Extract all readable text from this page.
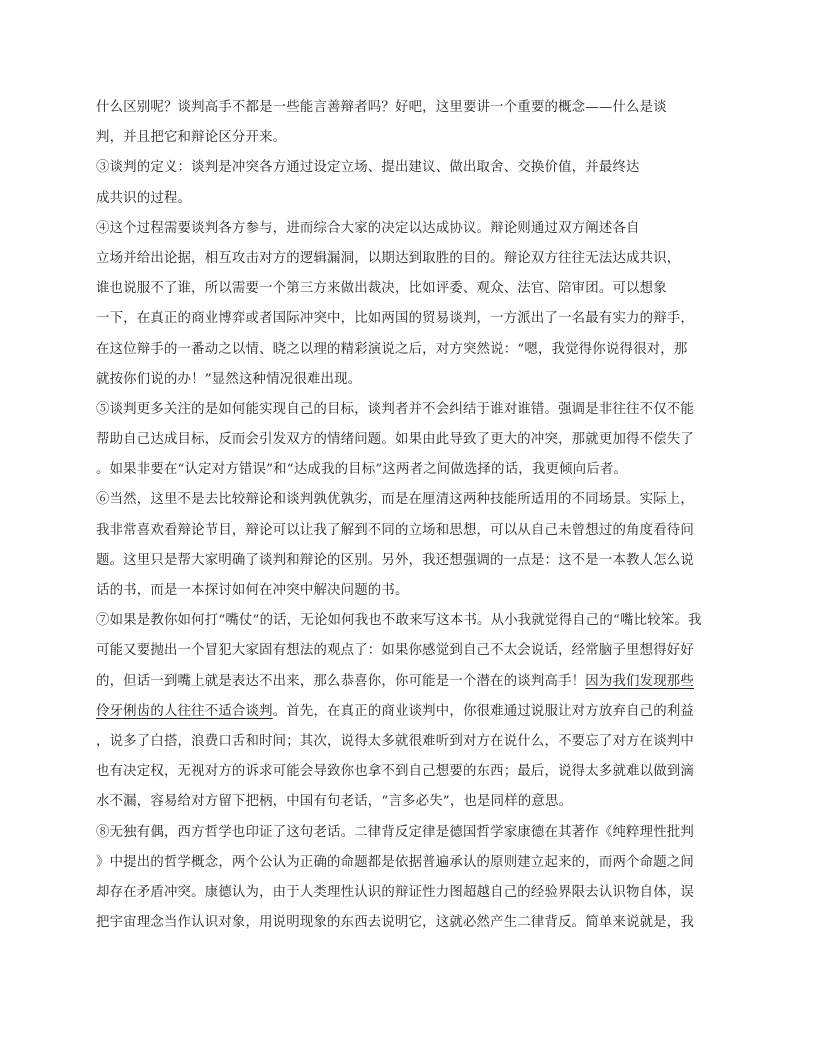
什么区别呢？谈判高手不都是一些能言善辩者吗？好吧，这里要讲一个重要的概念——什么是谈
判，并且把它和辩论区分开来。
③谈判的定义：谈判是冲突各方通过设定立场、提出建议、做出取舍、交换价值，并最终达
成共识的过程。
④这个过程需要谈判各方参与，进而综合大家的决定以达成协议。辩论则通过双方阐述各自
立场并给出论据，相互攻击对方的逻辑漏洞，以期达到取胜的目的。辩论双方往往无法达成共识，
谁也说服不了谁，所以需要一个第三方来做出裁决，比如评委、观众、法官、陪审团。可以想象
一下，在真正的商业博弈或者国际冲突中，比如两国的贸易谈判，一方派出了一名最有实力的辩手，
在这位辩手的一番动之以情、晓之以理的精彩演说之后，对方突然说：“嗯，我觉得你说得很对，那
就按你们说的办！”显然这种情况很难出现。
⑤谈判更多关注的是如何能实现自己的目标，谈判者并不会纠结于谁对谁错。强调是非往往不仅不能
帮助自己达成目标，反而会引发双方的情绪问题。如果由此导致了更大的冲突，那就更加得不偿失了
。如果非要在“认定对方错误”和“达成我的目标”这两者之间做选择的话，我更倾向后者。
⑥当然，这里不是去比较辩论和谈判孰优孰劣，而是在厘清这两种技能所适用的不同场景。实际上，
我非常喜欢看辩论节目，辩论可以让我了解到不同的立场和思想，可以从自己未曾想过的角度看待问
题。这里只是帮大家明确了谈判和辩论的区别。另外，我还想强调的一点是：这不是一本教人怎么说
话的书，而是一本探讨如何在冲突中解决问题的书。
⑦如果是教你如何打“嘴仗”的话，无论如何我也不敢来写这本书。从小我就觉得自己的“嘴比较笨。我
可能又要抛出一个冒犯大家固有想法的观点了：如果你感觉到自己不太会说话，经常脑子里想得好好
的，但话一到嘴上就是表达不出来，那么恭喜你，你可能是一个潜在的谈判高手！因为我们发现那些
伶牙俐齿的人往往不适合谈判。首先，在真正的商业谈判中，你很难通过说服让对方放弃自己的利益
，说多了白搭，浪费口舌和时间；其次，说得太多就很难听到对方在说什么，不要忘了对方在谈判中
也有决定权，无视对方的诉求可能会导致你也拿不到自己想要的东西；最后，说得太多就难以做到滴
水不漏，容易给对方留下把柄，中国有句老话，“言多必失”，也是同样的意思。
⑧无独有偶，西方哲学也印证了这句老话。二律背反定律是德国哲学家康德在其著作《纯粹理性批判
》中提出的哲学概念，两个公认为正确的命题都是依据普遍承认的原则建立起来的，而两个命题之间
却存在矛盾冲突。康德认为，由于人类理性认识的辩证性力图超越自己的经验界限去认识物自体，误
把宇宙理念当作认识对象，用说明现象的东西去说明它，这就必然产生二律背反。简单来说就是，我
